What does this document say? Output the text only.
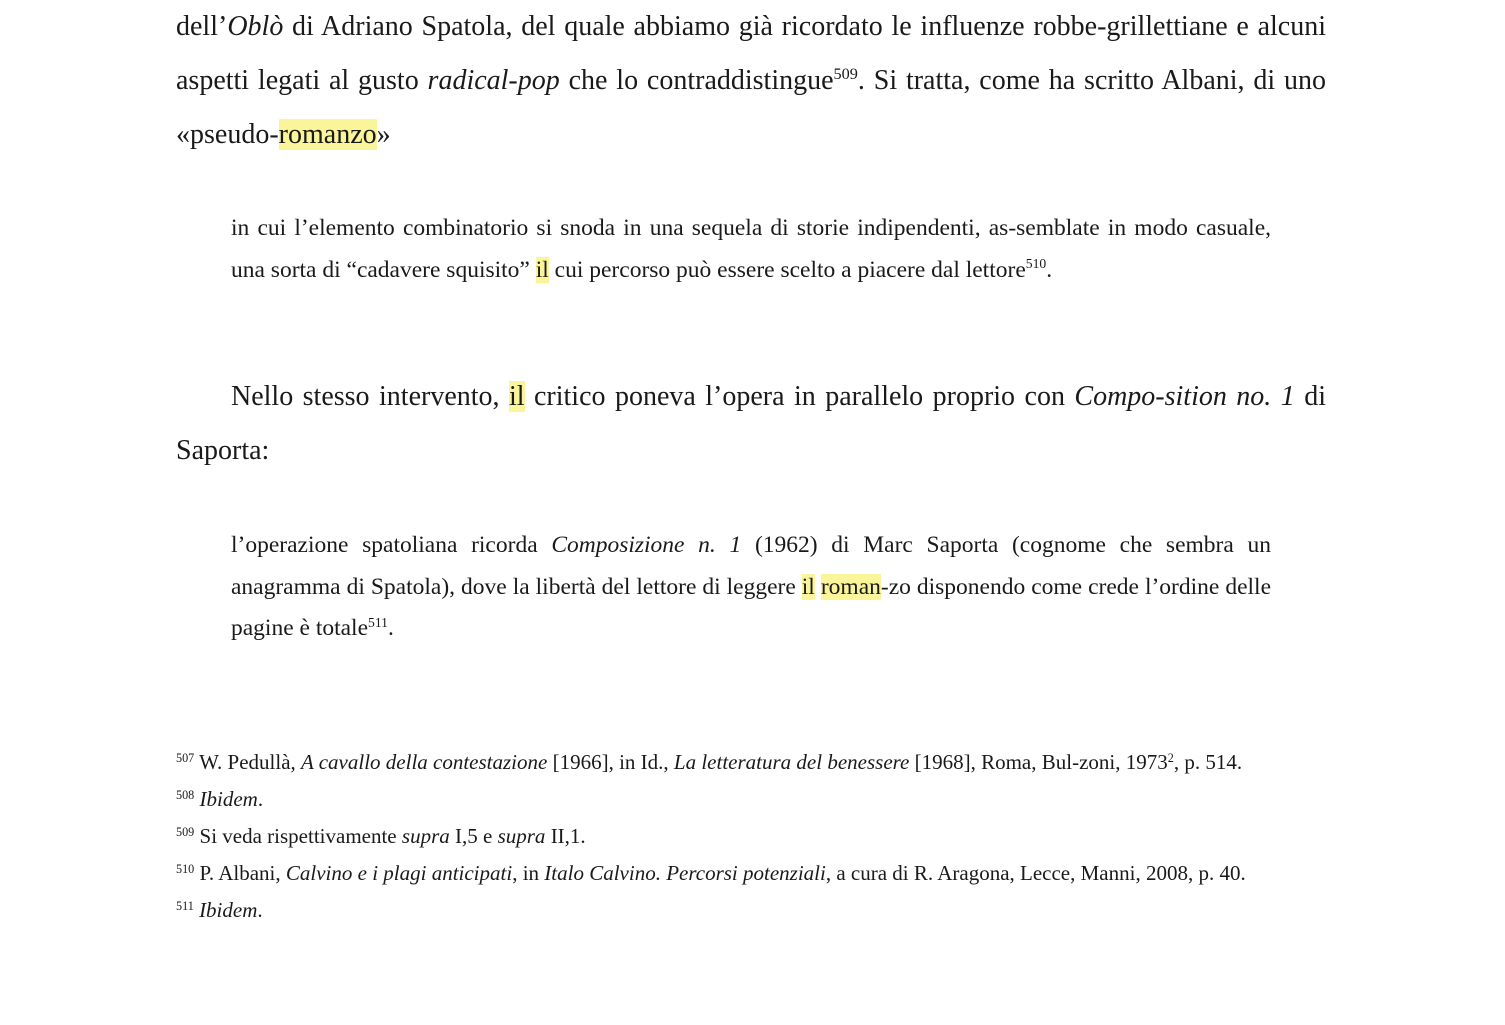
dell’Oblò di Adriano Spatola, del quale abbiamo già ricordato le influenze robbe-grillettiane e alcuni aspetti legati al gusto radical-pop che lo contraddistingue$^{509}$. Si tratta, come ha scritto Albani, di uno «pseudo-romanzo»

in cui l’elemento combinatorio si snoda in una sequela di storie indipendenti, as-semblate in modo casuale, una sorta di “cadavere squisito” il cui percorso può essere scelto a piacere dal lettore$^{510}$.

Nello stesso intervento, il critico poneva l’opera in parallelo proprio con Compo-sition no. 1 di Saporta:

l’operazione spatoliana ricorda Composizione n. 1 (1962) di Marc Saporta (cognome che sembra un anagramma di Spatola), dove la libertà del lettore di leggere il roman-zo disponendo come crede l’ordine delle pagine è totale$^{511}$.

$^{507}$ W. Pedullà, A cavallo della contestazione [1966], in Id., La letteratura del benessere [1968], Roma, Bul-zoni, 1973$^2$, p. 514.

$^{508}$ Ibidem.

$^{509}$ Si veda rispettivamente supra I,5 e supra II,1.

$^{510}$ P. Albani, Calvino e i plagi anticipati, in Italo Calvino. Percorsi potenziali, a cura di R. Aragona, Lecce, Manni, 2008, p. 40.

$^{511}$ Ibidem.
